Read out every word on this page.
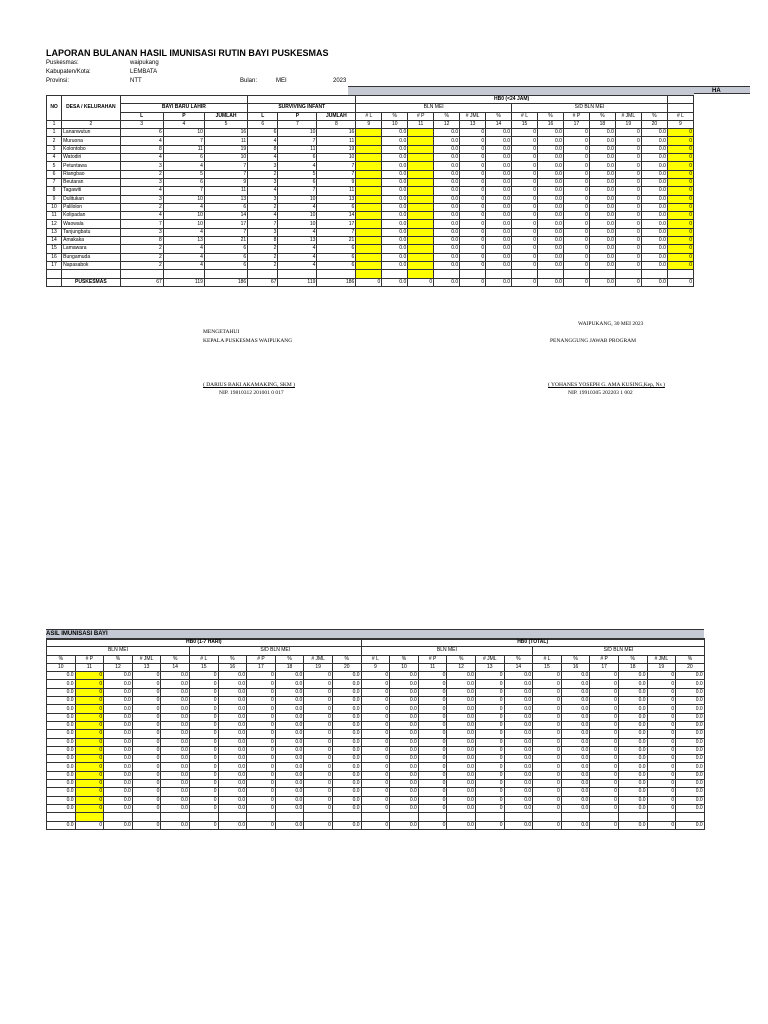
LAPORAN BULANAN HASIL IMUNISASI RUTIN BAYI PUSKESMAS
Puskesmas:	waipukang
Kabupaten/Kota:	LEMBATA
Provinsi:	NTT	Bulan:	MEI	2023
HA
NO	DESA / KELURAHAN							HB0 (<24 JAM)												
		BAYI BARU LAHIR			SURVIVING INFANT			BLN MEI						S/D BLN MEI						
		L	P	JUMLAH	L	P	JUMLAH	# L	%	# P	%	# JML	%	# L	%	# P	%	# JML	%	# L
1	2	3	4	5	6	7	8	9	10	11	12	13	14	15	16	17	18	19	20	9
1	Lananwutun	6	10	16	6	10	16		0.0		0.0	0	0.0	0	0.0	0	0.0	0	0.0	0
2	Muruona	4	7	11	4	7	11		0.0		0.0	0	0.0	0	0.0	0	0.0	0	0.0	0
3	Kolontobo	8	11	19	8	11	19		0.0		0.0	0	0.0	0	0.0	0	0.0	0	0.0	0
4	Watodiri	4	6	10	4	6	10		0.0		0.0	0	0.0	0	0.0	0	0.0	0	0.0	0
5	Petuntawa	3	4	7	3	4	7		0.0		0.0	0	0.0	0	0.0	0	0.0	0	0.0	0
6	Riangbao	2	5	7	2	5	7		0.0		0.0	0	0.0	0	0.0	0	0.0	0	0.0	0
7	Beutaran	3	6	9	3	6	9		0.0		0.0	0	0.0	0	0.0	0	0.0	0	0.0	0
8	Tagawiti	4	7	11	4	7	11		0.0		0.0	0	0.0	0	0.0	0	0.0	0	0.0	0
9	Dulitukan	3	10	13	3	10	13		0.0		0.0	0	0.0	0	0.0	0	0.0	0	0.0	0
10	Palilolon	2	4	6	2	4	6		0.0		0.0	0	0.0	0	0.0	0	0.0	0	0.0	0
11	Kolipadan	4	10	14	4	10	14		0.0		0.0	0	0.0	0	0.0	0	0.0	0	0.0	0
12	Waowala	7	10	17	7	10	17		0.0		0.0	0	0.0	0	0.0	0	0.0	0	0.0	0
13	Tanjungbatu	3	4	7	3	4	7		0.0		0.0	0	0.0	0	0.0	0	0.0	0	0.0	0
14	Amakaka	8	13	21	8	13	21		0.0		0.0	0	0.0	0	0.0	0	0.0	0	0.0	0
15	Lamawara	2	4	6	2	4	6		0.0		0.0	0	0.0	0	0.0	0	0.0	0	0.0	0
16	Bungamuda	2	4	6	2	4	6		0.0		0.0	0	0.0	0	0.0	0	0.0	0	0.0	0
17	Napasabok	2	4	6	2	4	6		0.0		0.0	0	0.0	0	0.0	0	0.0	0	0.0	0

	PUSKESMAS	67	119	186	67	119	186	0	0.0	0	0.0	0	0.0	0	0.0	0	0.0	0	0.0	0
WAIPUKANG, 30 MEI 2023
MENGETAHUI
KEPALA PUSKESMAS WAIPUKANG	PENANGGUNG JAWAB PROGRAM
( DARIUS BAKI AKAMAKING, SKM )
NIP. 19810312 201001 0 017
( YOHANES YOSEPH G. AMA KUSING,Kep, Ns )
NIP. 19910305 202203 1 002
ASIL IMUNISASI BAYI
HB0 (1-7 HARI)											HB0 (TOTAL)											
BLN MEI					S/D BLN MEI						BLN MEI						S/D BLN MEI					
%	# P	%	# JML	%	# L	%	# P	%	# JML	%	# L	%	# P	%	# JML	%	# L	%	# P	%	# JML	%
10	11	12	13	14	15	16	17	18	19	20	9	10	11	12	13	14	15	16	17	18	19	20
0.0	0	0.0	0	0.0	0	0.0	0	0.0	0	0.0	0	0.0	0	0.0	0	0.0	0	0.0	0	0.0	0	0.0
0.0	0	0.0	0	0.0	0	0.0	0	0.0	0	0.0	0	0.0	0	0.0	0	0.0	0	0.0	0	0.0	0	0.0
0.0	0	0.0	0	0.0	0	0.0	0	0.0	0	0.0	0	0.0	0	0.0	0	0.0	0	0.0	0	0.0	0	0.0
0.0	0	0.0	0	0.0	0	0.0	0	0.0	0	0.0	0	0.0	0	0.0	0	0.0	0	0.0	0	0.0	0	0.0
0.0	0	0.0	0	0.0	0	0.0	0	0.0	0	0.0	0	0.0	0	0.0	0	0.0	0	0.0	0	0.0	0	0.0
0.0	0	0.0	0	0.0	0	0.0	0	0.0	0	0.0	0	0.0	0	0.0	0	0.0	0	0.0	0	0.0	0	0.0
0.0	0	0.0	0	0.0	0	0.0	0	0.0	0	0.0	0	0.0	0	0.0	0	0.0	0	0.0	0	0.0	0	0.0
0.0	0	0.0	0	0.0	0	0.0	0	0.0	0	0.0	0	0.0	0	0.0	0	0.0	0	0.0	0	0.0	0	0.0
0.0	0	0.0	0	0.0	0	0.0	0	0.0	0	0.0	0	0.0	0	0.0	0	0.0	0	0.0	0	0.0	0	0.0
0.0	0	0.0	0	0.0	0	0.0	0	0.0	0	0.0	0	0.0	0	0.0	0	0.0	0	0.0	0	0.0	0	0.0
0.0	0	0.0	0	0.0	0	0.0	0	0.0	0	0.0	0	0.0	0	0.0	0	0.0	0	0.0	0	0.0	0	0.0
0.0	0	0.0	0	0.0	0	0.0	0	0.0	0	0.0	0	0.0	0	0.0	0	0.0	0	0.0	0	0.0	0	0.0
0.0	0	0.0	0	0.0	0	0.0	0	0.0	0	0.0	0	0.0	0	0.0	0	0.0	0	0.0	0	0.0	0	0.0
0.0	0	0.0	0	0.0	0	0.0	0	0.0	0	0.0	0	0.0	0	0.0	0	0.0	0	0.0	0	0.0	0	0.0
0.0	0	0.0	0	0.0	0	0.0	0	0.0	0	0.0	0	0.0	0	0.0	0	0.0	0	0.0	0	0.0	0	0.0
0.0	0	0.0	0	0.0	0	0.0	0	0.0	0	0.0	0	0.0	0	0.0	0	0.0	0	0.0	0	0.0	0	0.0
0.0	0	0.0	0	0.0	0	0.0	0	0.0	0	0.0	0	0.0	0	0.0	0	0.0	0	0.0	0	0.0	0	0.0

0.0	0	0.0	0	0.0	0	0.0	0	0.0	0	0.0	0	0.0	0	0.0	0	0.0	0	0.0	0	0.0	0	0.0
